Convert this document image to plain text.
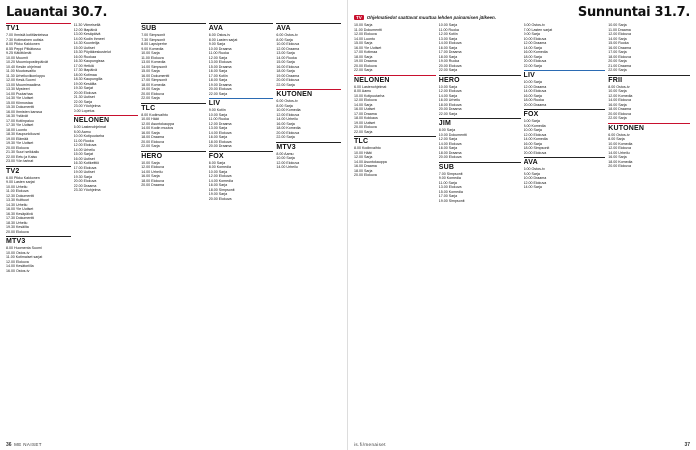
Lauantai 30.7.
TV1
7.00 Ihmisiä kotitilanteissa
7.30 Kotimainen uutisia
8.00 Pikku Kakkonen
8.55 Peppi Pitkätossu
9.25 Kätöttömät
10.00 Muumit
10.20 Muumiopostinpäivät
10.40 Kesän ohjelmat
11.00 Muutosvaltio
11.30 Urheiluviikonloppu
12.00 Kesä-Suomi
13.00 Muumimaailma
13.30 Mysteeri
14.00 Puutarhaa
14.30 Yle Uutiset
15.00 Kiinnostaa
15.30 Dokumentti
16.00 Ihmisten kanssa
16.30 Ystävät
17.00 Kotiinpaluu
17.30 Yle Uutiset
18.00 Luonto
18.30 Kaupunkikuvat
19.00 Elämää
19.30 Yle Uutiset
20.00 Elokuva
21.30 Suuri seikkailu
22.00 Eetu ja Kaisu
23.00 Yön tarinat
TV2
6.00 Pikku Kakkonen
9.00 Lasten sarjat
10.00 Urheilu
11.00 Elokuva
12.30 Dokumentti
13.30 Kulttuuri
14.30 Urheilu
16.00 Yle Uutiset
16.30 Kesäpäivä
17.30 Dokumentti
18.30 Urheilu
19.30 Kesäilta
20.00 Elokuva
MTV3
8.00 Huomenta Suomi
10.00 Ostos-tv
11.00 Kotimaiset sarjat
12.00 Elokuva
14.00 Kesätoriilla
16.00 Ostos-tv
11.30 Viimeisellä
12.00 Iltapäivä
13.00 Kesäpäivä
14.00 Kodin ihmeet
14.30 Kuuntelija
15.00 Uutiset
15.30 Pöytäkeskustelut
16.00 Ruokaa
16.30 Kaupungissa
17.00 Hetkiä
17.30 Iltapäivä
18.00 Kotimaa
18.30 Kaupungilla
19.00 Kesäilta
19.30 Sarjat
20.00 Elokuva
21.30 Uutiset
22.00 Sarja
23.00 Yöohjelma
0.00 Lopetus
NELONEN
6.00 Lastenohjelmat
8.00 Aamu
10.00 Kotipuutarha
11.00 Ruoka
12.00 Elokuva
14.00 Urheilu
15.00 Sarjat
16.00 Uutiset
16.30 Kotikeittiö
17.00 Elokuva
19.00 Uutiset
19.30 Sarja
20.00 Elokuva
22.00 Draama
23.30 Yöohjelma
SUB
7.00 Simpsonit
7.30 Simpsonit
8.00 Lapsiperhe
9.00 Komedia
10.00 Sarja
11.00 Elokuva
13.00 Komedia
14.00 Simpsonit
15.00 Sarja
16.00 Dokumentti
17.00 Simpsonit
18.00 Komedia
19.00 Sarja
20.00 Elokuva
22.00 Sarja
TLC
8.00 Kodinvaihto
10.00 Häät
12.00 Asuntokauppa
14.00 Kodin muutos
16.00 Sarja
18.00 Draama
20.00 Elokuva
22.00 Sarja
HERO
10.00 Sarja
12.00 Elokuva
14.00 Urheilu
16.00 Sarja
18.00 Elokuva
20.00 Draama
AVA
6.00 Ostos-tv
8.00 Lasten sarjat
9.00 Sarja
10.00 Draama
11.00 Ruoka
12.00 Sarja
13.00 Elokuva
15.00 Draama
16.00 Sarja
17.00 Kotiin
18.00 Sarja
19.00 Draama
20.00 Elokuva
22.00 Sarja
LIV
9.00 Kotiin
10.00 Sarja
11.00 Ruoka
12.00 Draama
13.00 Sarja
14.00 Elokuva
16.00 Sarja
18.00 Elokuva
20.00 Draama
FOX
6.00 Sarja
8.00 Komedia
10.00 Sarja
12.00 Elokuva
14.00 Komedia
16.00 Sarja
18.00 Simpsonit
19.00 Sarja
20.00 Elokuva
AVA
6.00 Ostos-tv
8.00 Sarja
10.00 Elokuva
12.00 Draama
13.00 Sarja
14.00 Ruoka
15.00 Sarja
16.00 Elokuva
18.00 Sarja
19.00 Draama
20.00 Elokuva
22.00 Sarja
KUTONEN
6.00 Ostos-tv
8.00 Sarja
10.00 Komedia
12.00 Elokuva
14.00 Urheilu
16.00 Sarja
18.00 Komedia
20.00 Elokuva
22.00 Sarja
MTV3
8.00 Aamu
10.00 Sarja
12.00 Elokuva
14.00 Urheilu
36 ME NAISET
TV	Ohjelmatiedot saattavat muuttua lehden painamisen jälkeen.	Sunnuntai 31.7.
10.00 Sarja
11.00 Dokumentti
12.00 Elokuva
14.00 Luonto
15.00 Sarja
16.00 Yle Uutiset
17.00 Kotimaa
18.00 Sarja
19.00 Draama
20.00 Elokuva
22.00 Sarja
NELONEN
6.00 Lastenohjelmat
8.00 Aamu
10.00 Kotipuutarha
12.00 Elokuva
14.00 Sarja
16.00 Uutiset
17.00 Draama
18.00 Kokkaus
19.00 Uutiset
20.00 Elokuva
22.00 Sarja
TLC
8.00 Kodinvaihto
10.00 Häät
12.00 Sarja
14.00 Asuntokauppa
16.00 Draama
18.00 Sarja
20.00 Elokuva
10.00 Sarja
11.00 Ruoka
12.00 Kotiin
13.00 Sarja
14.00 Elokuva
16.00 Sarja
17.00 Draama
18.00 Sarja
19.00 Ruoka
20.00 Elokuva
22.00 Sarja
HERO
10.00 Sarja
12.00 Elokuva
14.00 Sarja
16.00 Urheilu
18.00 Elokuva
20.00 Draama
22.00 Sarja
JIM
8.00 Sarja
10.00 Dokumentti
12.00 Sarja
14.00 Elokuva
16.00 Sarja
18.00 Draama
20.00 Elokuva
SUB
7.00 Simpsonit
9.00 Komedia
11.00 Sarja
13.00 Elokuva
15.00 Komedia
17.00 Sarja
19.00 Simpsonit
5.00 Ostos-tv
7.00 Lasten sarjat
9.00 Sarja
10.00 Elokuva
12.00 Draama
14.00 Sarja
16.00 Komedia
18.00 Sarja
20.00 Elokuva
22.00 Sarja
LIV
10.00 Sarja
12.00 Draama
14.00 Elokuva
16.00 Sarja
18.00 Ruoka
20.00 Draama
FOX
6.00 Sarja
8.00 Komedia
10.00 Sarja
12.00 Elokuva
14.00 Komedia
16.00 Sarja
18.00 Simpsonit
20.00 Elokuva
AVA
6.00 Ostos-tv
8.00 Sarja
10.00 Draama
12.00 Elokuva
14.00 Sarja
10.00 Sarja
11.00 Draama
12.00 Elokuva
14.00 Sarja
15.00 Ruoka
16.00 Draama
17.00 Sarja
18.00 Elokuva
20.00 Sarja
21.00 Draama
22.00 Sarja
FRII
8.00 Ostos-tv
10.00 Sarja
12.00 Komedia
14.00 Elokuva
16.00 Sarja
18.00 Draama
20.00 Elokuva
22.00 Sarja
KUTONEN
6.00 Ostos-tv
8.00 Sarja
10.00 Komedia
12.00 Elokuva
14.00 Urheilu
16.00 Sarja
18.00 Komedia
20.00 Elokuva
is.fi/menaiset	37
